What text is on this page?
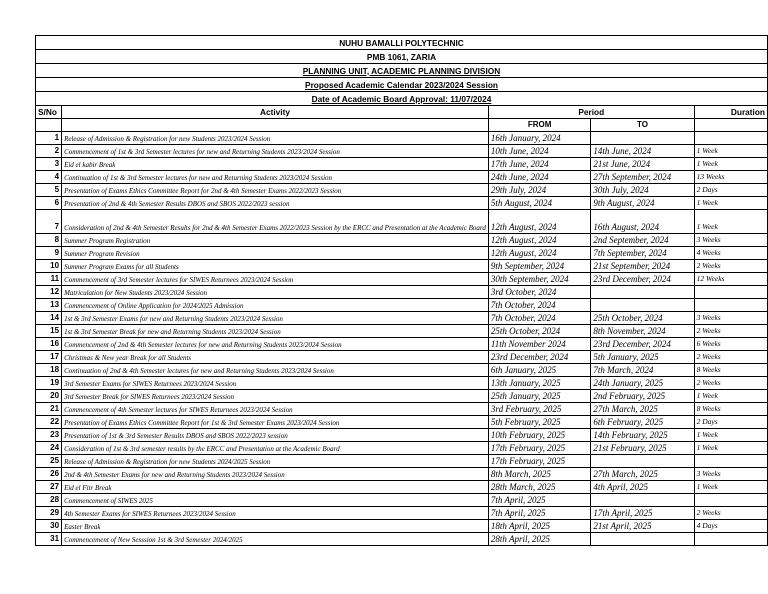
NUHU BAMALLI POLYTECHNIC				
PMB 1061, ZARIA				
PLANNING UNIT, ACADEMIC PLANNING DIVISION				
Proposed Academic Calendar 2023/2024 Session				
Date of Academic Board Approval: 11/07/2024				
S/No	Activity	Period		Duration
		FROM	TO	
1	Release of Admission & Registration for new Students 2023/2024 Session	16th January, 2024		
2	Commencement of 1st & 3rd Semester lectures for new and Returning Students 2023/2024 Session	10th June, 2024	14th June, 2024	1 Week
3	Eid el kabir Break	17th June, 2024	21st June, 2024	1 Week
4	Continuation of 1st & 3rd Semester lectures for new and Returning Students 2023/2024 Session	24th June, 2024	27th September, 2024	13 Weeks
5	Presentation of Exams Ethics Committee Report for 2nd & 4th Semester Exams 2022/2023 Session	29th July, 2024	30th July, 2024	2 Days
6	Presentation of 2nd & 4th Semester Results DBOS and SBOS 2022/2023 session	5th August, 2024	9th August, 2024	1 Week
7	Consideration of 2nd & 4th Semester Results for 2nd & 4th Semester Exams 2022/2023 Session by the ERCC and Presentation at the Academic Board	12th August, 2024	16th August, 2024	1 Week
8	Summer Program Registration	12th August, 2024	2nd September, 2024	3 Weeks
9	Summer Program Revision	12th August, 2024	7th September, 2024	4 Weeks
10	Summer Program Exams for all Students	9th September, 2024	21st September, 2024	2 Weeks
11	Commencement of 3rd Semester lectures for SIWES Returnees 2023/2024 Session	30th September, 2024	23rd December, 2024	12 Weeks
12	Matriculation for New Students 2023/2024 Session	3rd October, 2024		
13	Commencement of Online Application for 2024/2025 Admission	7th October, 2024		
14	1st & 3rd Semester Exams for new and Returning Students 2023/2024 Session	7th October, 2024	25th October, 2024	3 Weeks
15	1st & 3rd Semester Break for new and Returning Students 2023/2024 Session	25th October, 2024	8th November, 2024	2 Weeks
16	Commencement of 2nd & 4th Semester lectures for new and Returning Students 2023/2024 Session	11th November 2024	23rd December, 2024	6 Weeks
17	Christmas & New year Break for all Students	23rd December, 2024	5th January, 2025	2 Weeks
18	Continuation of 2nd & 4th Semester lectures for new and Returning Students 2023/2024 Session	6th January, 2025	7th March, 2024	8 Weeks
19	3rd Semester Exams for SIWES Returnees 2023/2024 Session	13th January, 2025	24th January, 2025	2 Weeks
20	3rd Semester Break for SIWES Returnees 2023/2024 Session	25th January, 2025	2nd February, 2025	1 Week
21	Commencement of 4th Semester lectures for SIWES Returnees 2023/2024 Session	3rd February, 2025	27th March, 2025	8 Weeks
22	Presentation of Exams Ethics Committee Report for 1st & 3rd Semester Exams 2023/2024 Session	5th February, 2025	6th February, 2025	2 Days
23	Presentation of 1st & 3rd Semester Results DBOS and SBOS 2022/2023 session	10th February, 2025	14th February, 2025	1 Week
24	Consideration of 1st & 3rd semester results by the ERCC and Presentation at the Academic Board	17th February, 2025	21st February, 2025	1 Week
25	Release of Admission & Registration for new Students 2024/2025 Session	17th February, 2025		
26	2nd & 4th Semester Exams for new and Returning Students 2023/2024 Session	8th March, 2025	27th March, 2025	3 Weeks
27	Eid el Fitr Break	28th March, 2025	4th April, 2025	1 Week
28	Commencement of SIWES 2025	7th April, 2025		
29	4th Semester Exams for SIWES Returnees 2023/2024 Session	7th April, 2025	17th April, 2025	2 Weeks
30	Easter Break	18th April, 2025	21st April, 2025	4 Days
31	Commencement of New Sesssion 1st & 3rd Semester 2024/2025	28th April, 2025		
